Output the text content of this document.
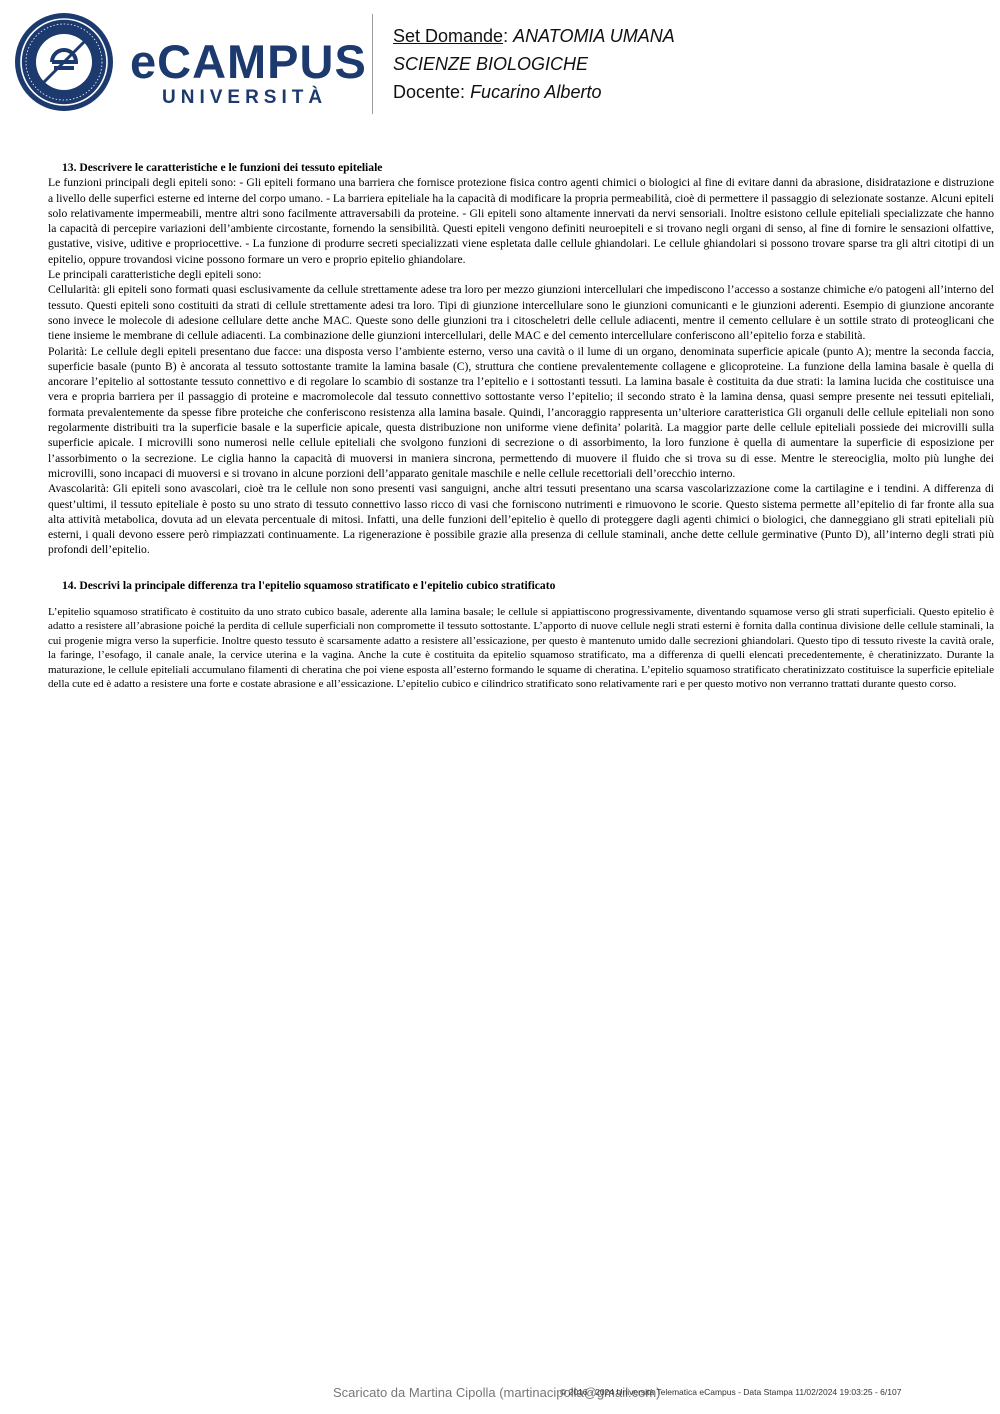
eCAMPUS
UNIVERSITÀ
Set Domande: ANATOMIA UMANA
SCIENZE BIOLOGICHE
Docente: Fucarino Alberto
13. Descrivere le caratteristiche e le funzioni dei tessuto epiteliale

Le funzioni principali degli epiteli sono: - Gli epiteli formano una barriera che fornisce protezione fisica contro agenti chimici o biologici al fine di evitare danni da abrasione, disidratazione e distruzione a livello delle superfici esterne ed interne del corpo umano. - La barriera epiteliale ha la capacità di modificare la propria permeabilità, cioè di permettere il passaggio di selezionate sostanze. Alcuni epiteli solo relativamente impermeabili, mentre altri sono facilmente attraversabili da proteine. - Gli epiteli sono altamente innervati da nervi sensoriali. Inoltre esistono cellule epiteliali specializzate che hanno la capacità di percepire variazioni dell’ambiente circostante, fornendo la sensibilità. Questi epiteli vengono definiti neuroepiteli e si trovano negli organi di senso, al fine di fornire le sensazioni olfattive, gustative, visive, uditive e propriocettive. - La funzione di produrre secreti specializzati viene espletata dalle cellule ghiandolari. Le cellule ghiandolari si possono trovare sparse tra gli altri citotipi di un epitelio, oppure trovandosi vicine possono formare un vero e proprio epitelio ghiandolare.

Le principali caratteristiche degli epiteli sono:

Cellularità: gli epiteli sono formati quasi esclusivamente da cellule strettamente adese tra loro per mezzo giunzioni intercellulari che impediscono l’accesso a sostanze chimiche e/o patogeni all’interno del tessuto. Questi epiteli sono costituiti da strati di cellule strettamente adesi tra loro. Tipi di giunzione intercellulare sono le giunzioni comunicanti e le giunzioni aderenti. Esempio di giunzione ancorante sono invece le molecole di adesione cellulare dette anche MAC. Queste sono delle giunzioni tra i citoscheletri delle cellule adiacenti, mentre il cemento cellulare è un sottile strato di proteoglicani che tiene insieme le membrane di cellule adiacenti. La combinazione delle giunzioni intercellulari, delle MAC e del cemento intercellulare conferiscono all’epitelio forza e stabilità.

Polarità: Le cellule degli epiteli presentano due facce: una disposta verso l’ambiente esterno, verso una cavità o il lume di un organo, denominata superficie apicale (punto A); mentre la seconda faccia, superficie basale (punto B) è ancorata al tessuto sottostante tramite la lamina basale (C), struttura che contiene prevalentemente collagene e glicoproteine. La funzione della lamina basale è quella di ancorare l’epitelio al sottostante tessuto connettivo e di regolare lo scambio di sostanze tra l’epitelio e i sottostanti tessuti. La lamina basale è costituita da due strati: la lamina lucida che costituisce una vera e propria barriera per il passaggio di proteine e macromolecole dal tessuto connettivo sottostante verso l’epitelio; il secondo strato è la lamina densa, quasi sempre presente nei tessuti epiteliali, formata prevalentemente da spesse fibre proteiche che conferiscono resistenza alla lamina basale. Quindi, l’ancoraggio rappresenta un’ulteriore caratteristica Gli organuli delle cellule epiteliali non sono regolarmente distribuiti tra la superficie basale e la superficie apicale, questa distribuzione non uniforme viene definita’ polarità. La maggior parte delle cellule epiteliali possiede dei microvilli sulla superficie apicale. I microvilli sono numerosi nelle cellule epiteliali che svolgono funzioni di secrezione o di assorbimento, la loro funzione è quella di aumentare la superficie di esposizione per l’assorbimento o la secrezione. Le ciglia hanno la capacità di muoversi in maniera sincrona, permettendo di muovere il fluido che si trova su di esse. Mentre le stereociglia, molto più lunghe dei microvilli, sono incapaci di muoversi e si trovano in alcune porzioni dell’apparato genitale maschile e nelle cellule recettoriali dell’orecchio interno.

Avascolarità: Gli epiteli sono avascolari, cioè tra le cellule non sono presenti vasi sanguigni, anche altri tessuti presentano una scarsa vascolarizzazione come la cartilagine e i tendini. A differenza di quest’ultimi, il tessuto epiteliale è posto su uno strato di tessuto connettivo lasso ricco di vasi che forniscono nutrimenti e rimuovono le scorie. Questo sistema permette all’epitelio di far fronte alla sua alta attività metabolica, dovuta ad un elevata percentuale di mitosi. Infatti, una delle funzioni dell’epitelio è quello di proteggere dagli agenti chimici o biologici, che danneggiano gli strati epiteliali più esterni, i quali devono essere però rimpiazzati continuamente. La rigenerazione è possibile grazie alla presenza di cellule staminali, anche dette cellule germinative (Punto D), all’interno degli strati più profondi dell’epitelio.

14. Descrivi la principale differenza tra l'epitelio squamoso stratificato e l'epitelio cubico stratificato

L’epitelio squamoso stratificato è costituito da uno strato cubico basale, aderente alla lamina basale; le cellule si appiattiscono progressivamente, diventando squamose verso gli strati superficiali. Questo epitelio è adatto a resistere all’abrasione poiché la perdita di cellule superficiali non compromette il tessuto sottostante. L’apporto di nuove cellule negli strati esterni è fornita dalla continua divisione delle cellule staminali, la cui progenie migra verso la superficie. Inoltre questo tessuto è scarsamente adatto a resistere all’essicazione, per questo è mantenuto umido dalle secrezioni ghiandolari. Questo tipo di tessuto riveste la cavità orale, la faringe, l’esofago, il canale anale, la cervice uterina e la vagina. Anche la cute è costituita da epitelio squamoso stratificato, ma a differenza di quelli elencati precedentemente, è cheratinizzato. Durante la maturazione, le cellule epiteliali accumulano filamenti di cheratina che poi viene esposta all’esterno formando le squame di cheratina. L’epitelio squamoso stratificato cheratinizzato costituisce la superficie epiteliale della cute ed è adatto a resistere una forte e costate abrasione e all’essicazione. L’epitelio cubico e cilindrico stratificato sono relativamente rari e per questo motivo non verranno trattati durante questo corso.

Scaricato da Martina Cipolla (martinacipolla@gmail.com)
© 2016 - 2024 Università Telematica eCampus - Data Stampa 11/02/2024 19:03:25 - 6/107
